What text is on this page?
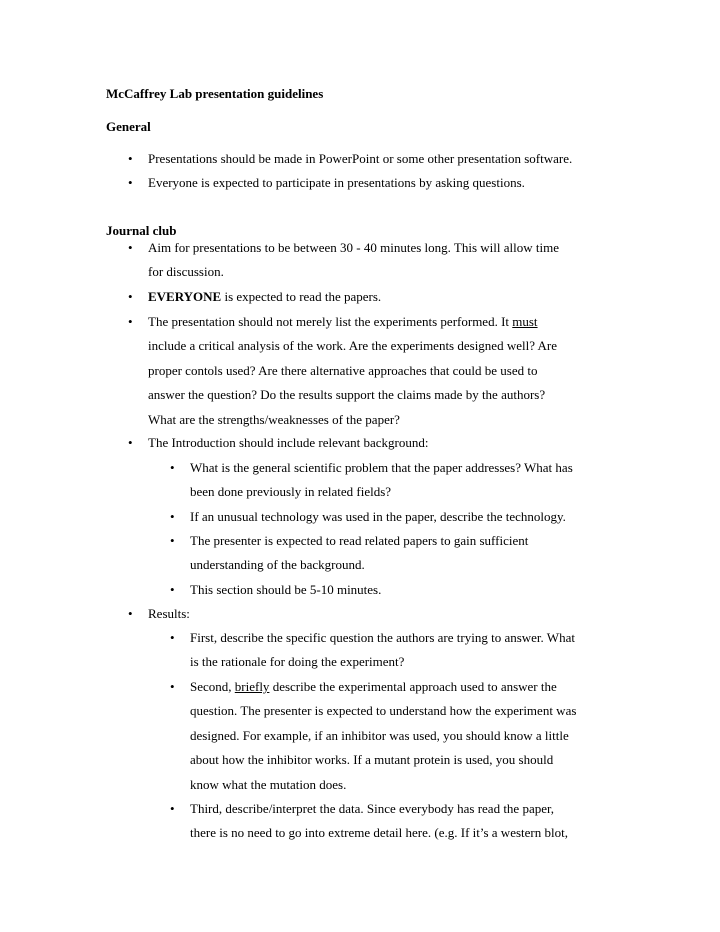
McCaffrey Lab presentation guidelines
General
• Presentations should be made in PowerPoint or some other presentation software.
• Everyone is expected to participate in presentations by asking questions.
Journal club
• Aim for presentations to be between 30 - 40 minutes long. This will allow time
for discussion.
• EVERYONE is expected to read the papers.
• The presentation should not merely list the experiments performed. It must
include a critical analysis of the work. Are the experiments designed well? Are
proper contols used? Are there alternative approaches that could be used to
answer the question? Do the results support the claims made by the authors?
What are the strengths/weaknesses of the paper?
• The Introduction should include relevant background:
• What is the general scientific problem that the paper addresses? What has
been done previously in related fields?
• If an unusual technology was used in the paper, describe the technology.
• The presenter is expected to read related papers to gain sufficient
understanding of the background.
• This section should be 5-10 minutes.
• Results:
• First, describe the specific question the authors are trying to answer. What
is the rationale for doing the experiment?
• Second, briefly describe the experimental approach used to answer the
question. The presenter is expected to understand how the experiment was
designed. For example, if an inhibitor was used, you should know a little
about how the inhibitor works. If a mutant protein is used, you should
know what the mutation does.
• Third, describe/interpret the data. Since everybody has read the paper,
there is no need to go into extreme detail here. (e.g. If it’s a western blot,
